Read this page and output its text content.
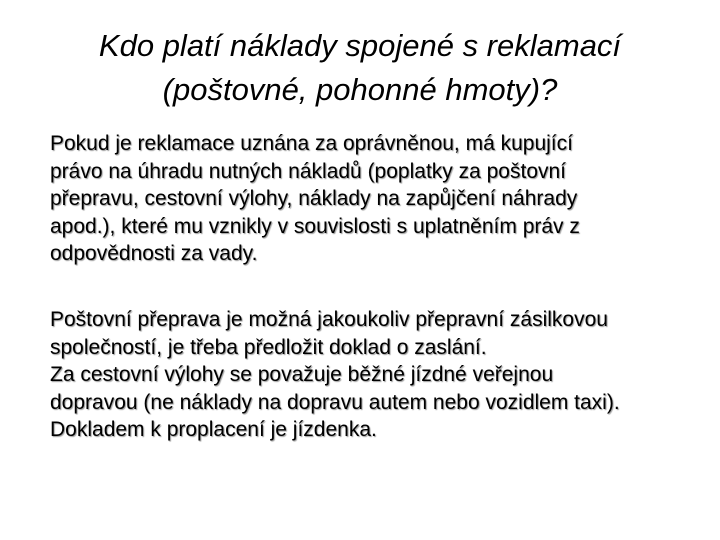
Kdo platí náklady spojené s reklamací
(poštovné, pohonné hmoty)?

Pokud je reklamace uznána za oprávněnou, má kupující
právo na úhradu nutných nákladů (poplatky za poštovní
přepravu, cestovní výlohy, náklady na zapůjčení náhrady
apod.), které mu vznikly v souvislosti s uplatněním práv z
odpovědnosti za vady.

Poštovní přeprava je možná jakoukoliv přepravní zásilkovou
společností, je třeba předložit doklad o zaslání.
Za cestovní výlohy se považuje běžné jízdné veřejnou
dopravou (ne náklady na dopravu autem nebo vozidlem taxi).
Dokladem k proplacení je jízdenka.
